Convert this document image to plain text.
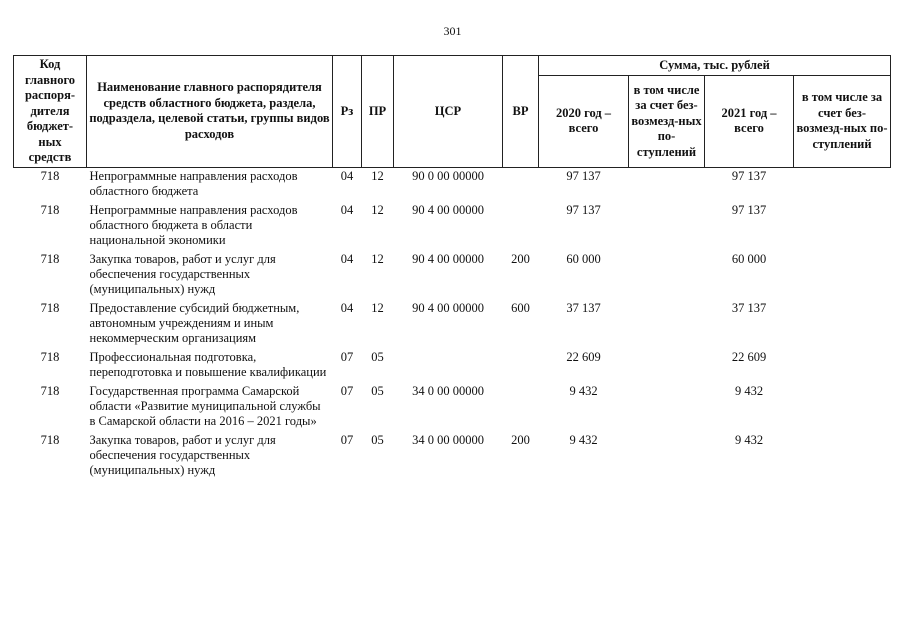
301
Код главного распоря-дителя бюджет-ных средств	Наименование главного распорядителя средств областного бюджета, раздела, подраздела, целевой статьи, группы видов расходов	Рз	ПР	ЦСР	ВР	Сумма, тыс. рублей			
						2020 год – всего	в том числе за счет без-возмезд-ных по-ступлений	2021 год – всего	в том числе за счет без-возмезд-ных по-ступлений
718	Непрограммные направления расходов областного бюджета	04	12	90 0 00 00000		97 137		97 137	
718	Непрограммные направления расходов областного бюджета в области национальной экономики	04	12	90 4 00 00000		97 137		97 137	
718	Закупка товаров, работ и услуг для обеспечения государственных (муниципальных) нужд	04	12	90 4 00 00000	200	60 000		60 000	
718	Предоставление субсидий бюджетным, автономным учреждениям и иным некоммерческим организациям	04	12	90 4 00 00000	600	37 137		37 137	
718	Профессиональная подготовка, переподготовка и повышение квалификации	07	05			22 609		22 609	
718	Государственная программа Самарской области «Развитие муниципальной службы в Самарской области на 2016 – 2021 годы»	07	05	34 0 00 00000		9 432		9 432	
718	Закупка товаров, работ и услуг для обеспечения государственных (муниципальных) нужд	07	05	34 0 00 00000	200	9 432		9 432	
